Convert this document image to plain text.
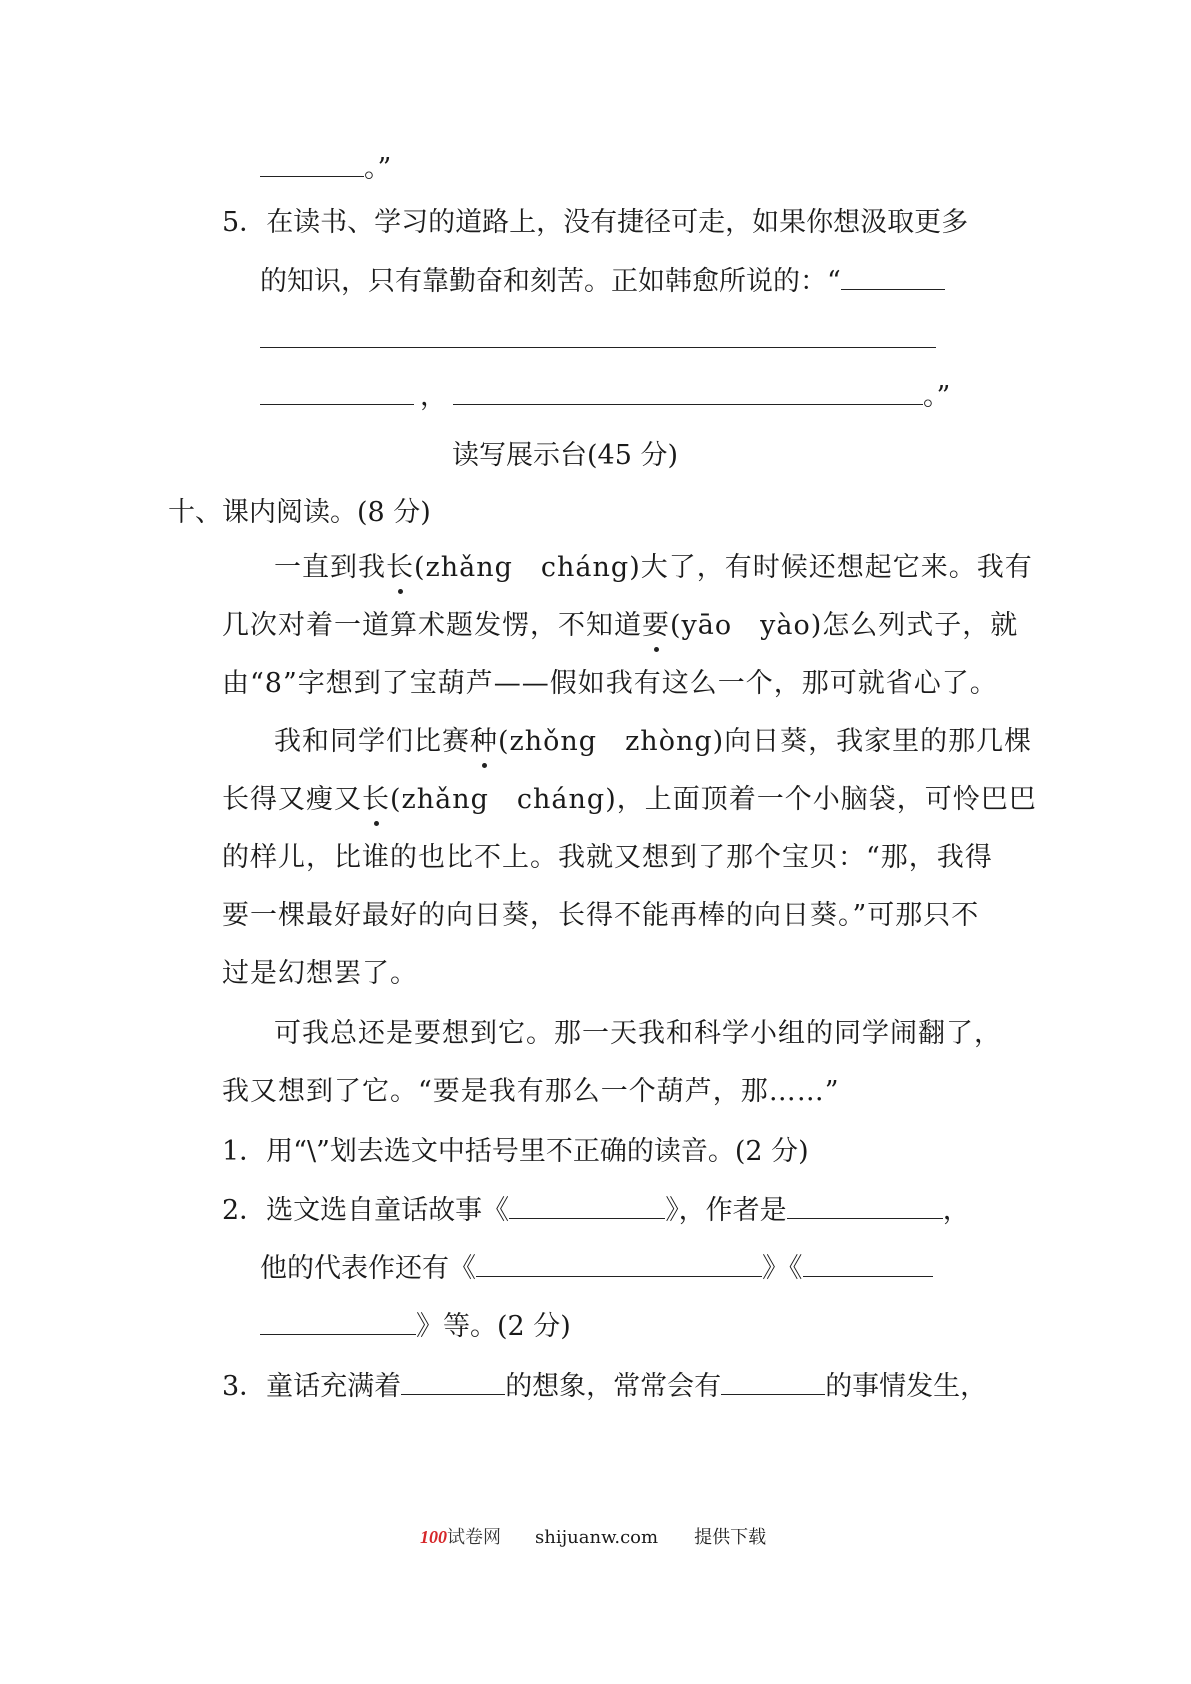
。”
5．在读书、学习的道路上，没有捷径可走，如果你想汲取更多
的知识，只有靠勤奋和刻苦。正如韩愈所说的：“
，	。”
读写展示台(45 分)
十、课内阅读。(8 分)
一直到我长(zhǎng　cháng)大了，有时候还想起它来。我有
几次对着一道算术题发愣，不知道要(yāo　yào)怎么列式子，就
由“8”字想到了宝葫芦——假如我有这么一个，那可就省心了。
我和同学们比赛种(zhǒng　zhòng)向日葵，我家里的那几棵
长得又瘦又长(zhǎng　cháng)，上面顶着一个小脑袋，可怜巴巴
的样儿，比谁的也比不上。我就又想到了那个宝贝：“那，我得
要一棵最好最好的向日葵，长得不能再棒的向日葵。”可那只不
过是幻想罢了。
可我总还是要想到它。那一天我和科学小组的同学闹翻了，
我又想到了它。“要是我有那么一个葫芦，那……”
1．用“\”划去选文中括号里不正确的读音。(2 分)
2．选文选自童话故事《	》，作者是	，
他的代表作还有《	》《
》等。(2 分)
3．童话充满着	的想象，常常会有	的事情发生，
100试卷网 shijuanw.com 提供下载
